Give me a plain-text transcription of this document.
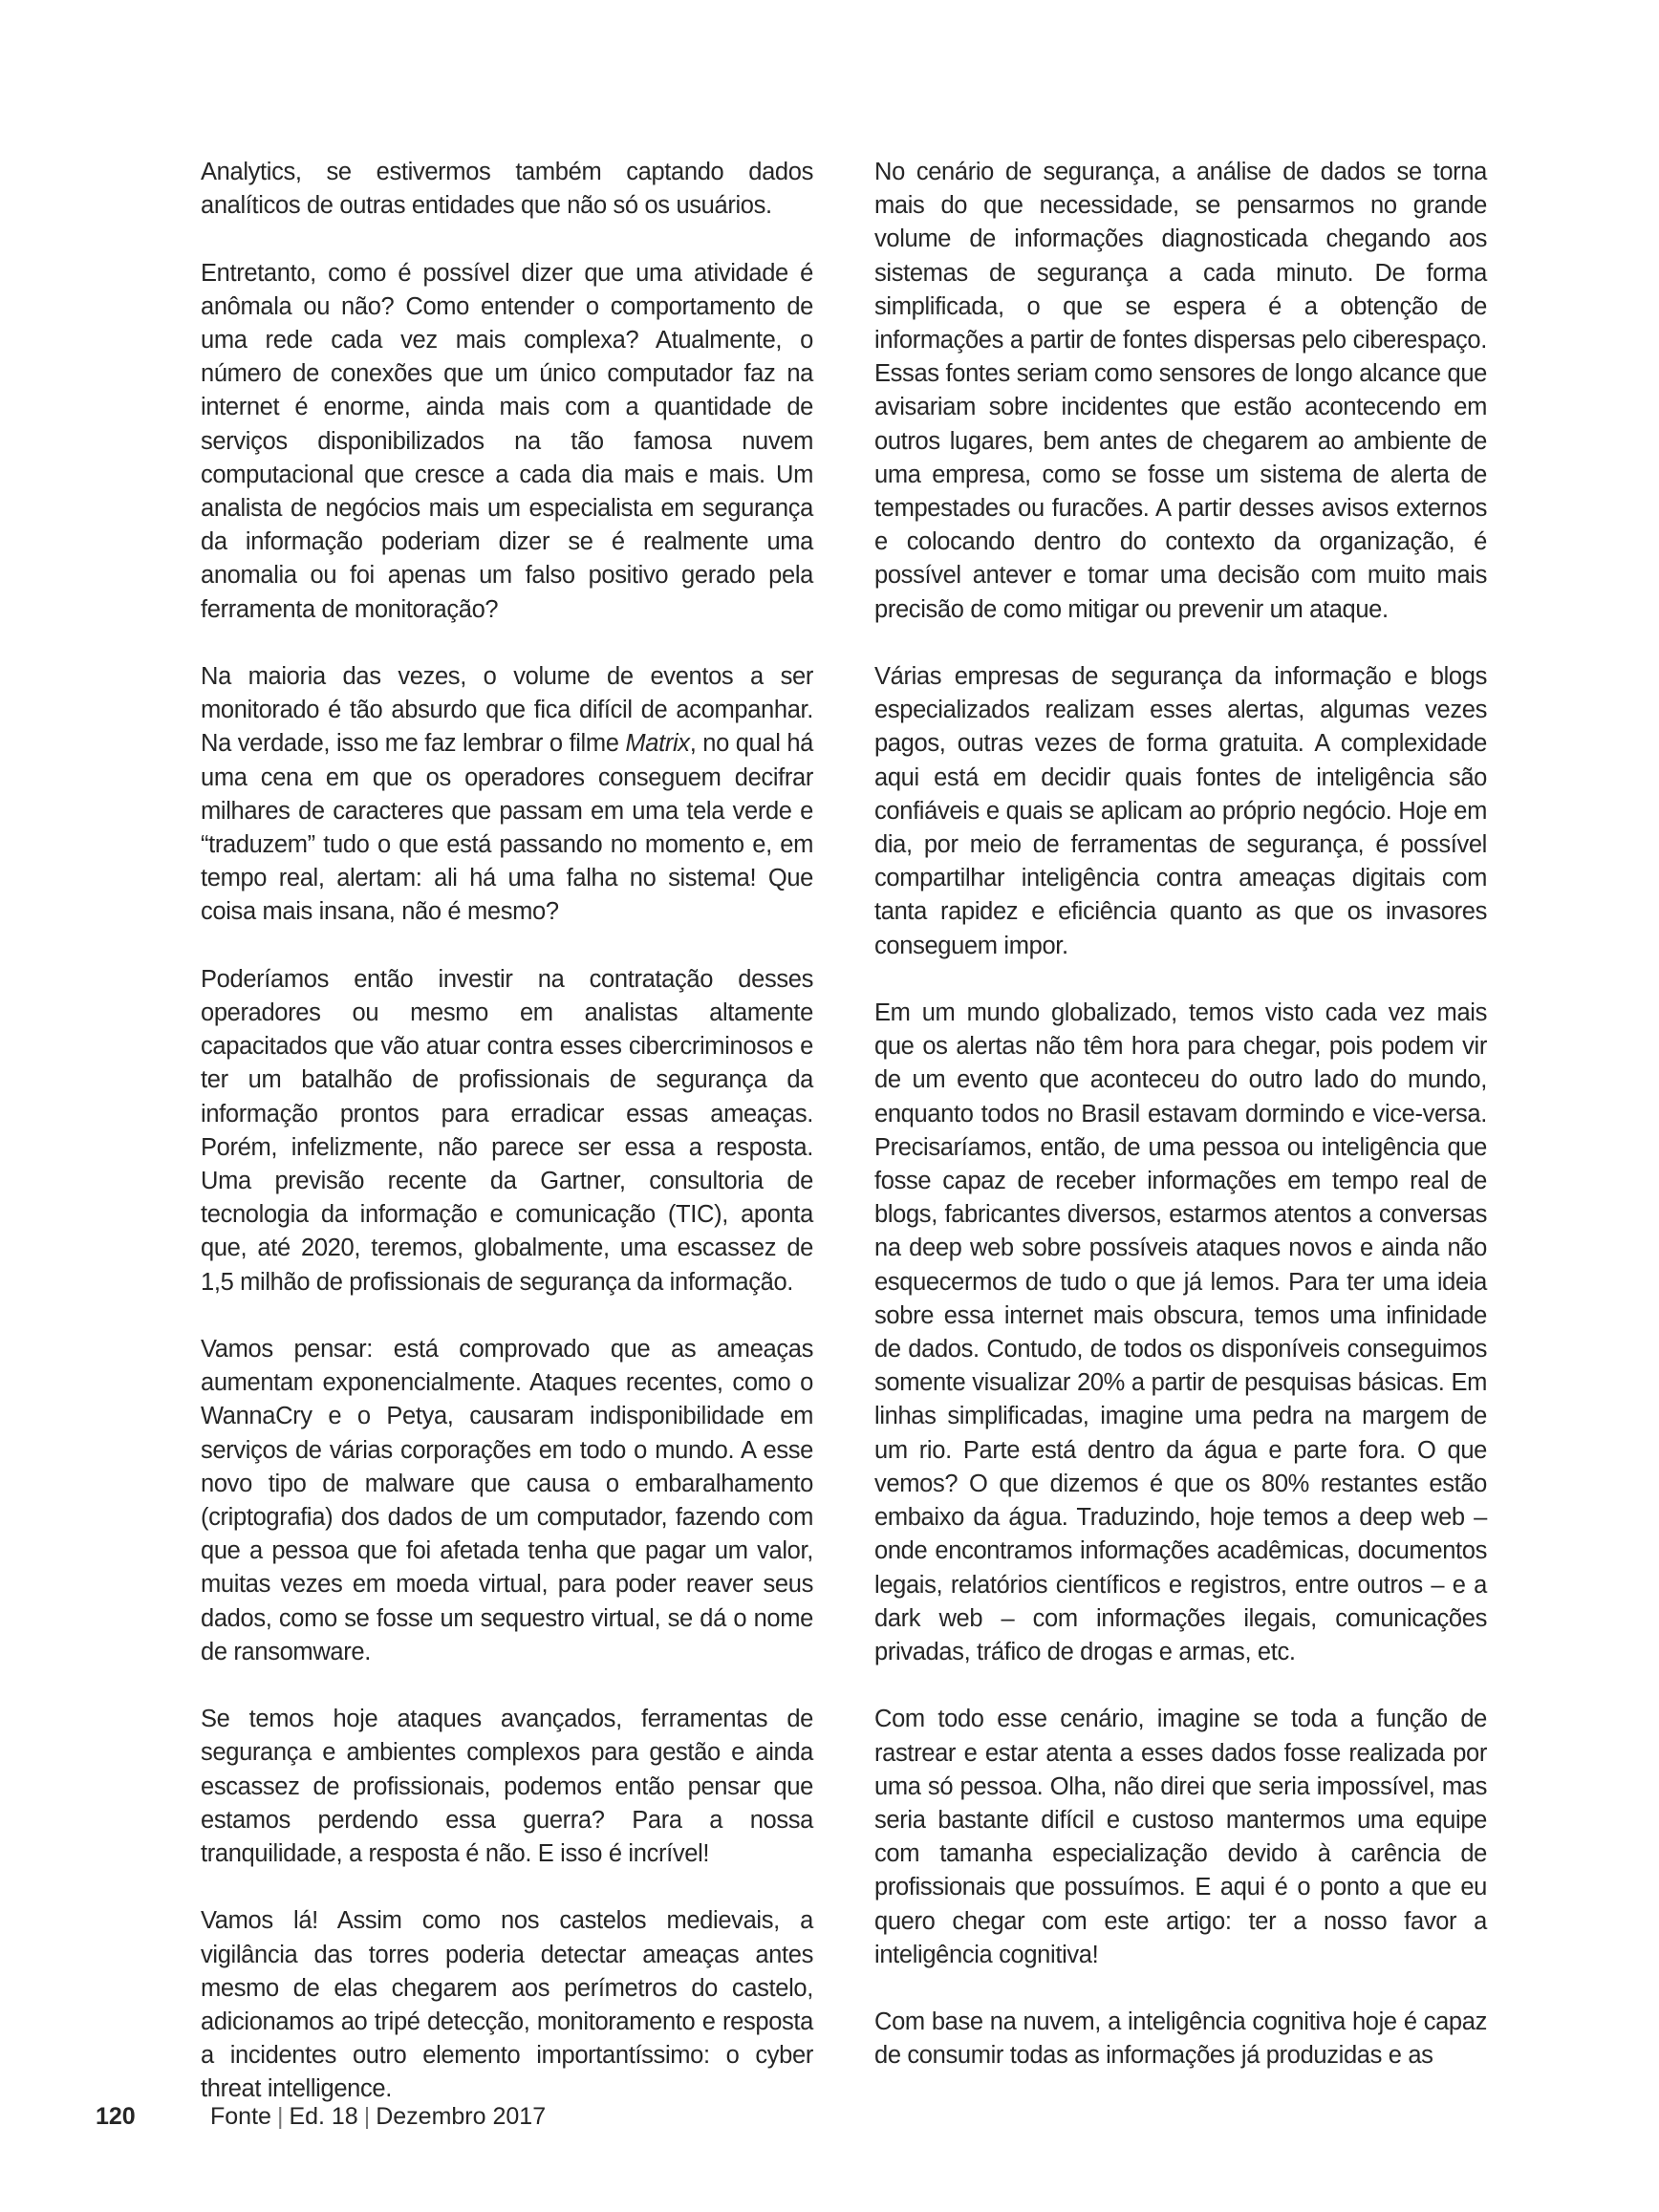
Analytics, se estivermos também captando dados analíticos de outras entidades que não só os usuários.

Entretanto, como é possível dizer que uma atividade é anômala ou não? Como entender o comportamento de uma rede cada vez mais complexa? Atualmente, o número de conexões que um único computador faz na internet é enorme, ainda mais com a quantidade de serviços disponibilizados na tão famosa nuvem computacional que cresce a cada dia mais e mais. Um analista de negócios mais um especialista em segurança da informação poderiam dizer se é realmente uma anomalia ou foi apenas um falso positivo gerado pela ferramenta de monitoração?

Na maioria das vezes, o volume de eventos a ser monitorado é tão absurdo que fica difícil de acompanhar. Na verdade, isso me faz lembrar o filme Matrix, no qual há uma cena em que os operadores conseguem decifrar milhares de caracteres que passam em uma tela verde e “traduzem” tudo o que está passando no momento e, em tempo real, alertam: ali há uma falha no sistema! Que coisa mais insana, não é mesmo?

Poderíamos então investir na contratação desses operadores ou mesmo em analistas altamente capacitados que vão atuar contra esses cibercriminosos e ter um batalhão de profissionais de segurança da informação prontos para erradicar essas ameaças. Porém, infelizmente, não parece ser essa a resposta. Uma previsão recente da Gartner, consultoria de tecnologia da informação e comunicação (TIC), aponta que, até 2020, teremos, globalmente, uma escassez de 1,5 milhão de profissionais de segurança da informação.

Vamos pensar: está comprovado que as ameaças aumentam exponencialmente. Ataques recentes, como o WannaCry e o Petya, causaram indisponibilidade em serviços de várias corporações em todo o mundo. A esse novo tipo de malware que causa o embaralhamento (criptografia) dos dados de um computador, fazendo com que a pessoa que foi afetada tenha que pagar um valor, muitas vezes em moeda virtual, para poder reaver seus dados, como se fosse um sequestro virtual, se dá o nome de ransomware.

Se temos hoje ataques avançados, ferramentas de segurança e ambientes complexos para gestão e ainda escassez de profissionais, podemos então pensar que estamos perdendo essa guerra? Para a nossa tranquilidade, a resposta é não. E isso é incrível!

Vamos lá! Assim como nos castelos medievais, a vigilância das torres poderia detectar ameaças antes mesmo de elas chegarem aos perímetros do castelo, adicionamos ao tripé detecção, monitoramento e resposta a incidentes outro elemento importantíssimo: o cyber threat intelligence.

No cenário de segurança, a análise de dados se torna mais do que necessidade, se pensarmos no grande volume de informações diagnosticada chegando aos sistemas de segurança a cada minuto. De forma simplificada, o que se espera é a obtenção de informações a partir de fontes dispersas pelo ciberespaço. Essas fontes seriam como sensores de longo alcance que avisariam sobre incidentes que estão acontecendo em outros lugares, bem antes de chegarem ao ambiente de uma empresa, como se fosse um sistema de alerta de tempestades ou furacões. A partir desses avisos externos e colocando dentro do contexto da organização, é possível antever e tomar uma decisão com muito mais precisão de como mitigar ou prevenir um ataque.

Várias empresas de segurança da informação e blogs especializados realizam esses alertas, algumas vezes pagos, outras vezes de forma gratuita. A complexidade aqui está em decidir quais fontes de inteligência são confiáveis e quais se aplicam ao próprio negócio. Hoje em dia, por meio de ferramentas de segurança, é possível compartilhar inteligência contra ameaças digitais com tanta rapidez e eficiência quanto as que os invasores conseguem impor.

Em um mundo globalizado, temos visto cada vez mais que os alertas não têm hora para chegar, pois podem vir de um evento que aconteceu do outro lado do mundo, enquanto todos no Brasil estavam dormindo e vice-versa. Precisaríamos, então, de uma pessoa ou inteligência que fosse capaz de receber informações em tempo real de blogs, fabricantes diversos, estarmos atentos a conversas na deep web sobre possíveis ataques novos e ainda não esquecermos de tudo o que já lemos. Para ter uma ideia sobre essa internet mais obscura, temos uma infinidade de dados. Contudo, de todos os disponíveis conseguimos somente visualizar 20% a partir de pesquisas básicas. Em linhas simplificadas, imagine uma pedra na margem de um rio. Parte está dentro da água e parte fora. O que vemos? O que dizemos é que os 80% restantes estão embaixo da água. Traduzindo, hoje temos a deep web – onde encontramos informações acadêmicas, documentos legais, relatórios científicos e registros, entre outros – e a dark web – com informações ilegais, comunicações privadas, tráfico de drogas e armas, etc.

Com todo esse cenário, imagine se toda a função de rastrear e estar atenta a esses dados fosse realizada por uma só pessoa. Olha, não direi que seria impossível, mas seria bastante difícil e custoso mantermos uma equipe com tamanha especialização devido à carência de profissionais que possuímos. E aqui é o ponto a que eu quero chegar com este artigo: ter a nosso favor a inteligência cognitiva!

Com base na nuvem, a inteligência cognitiva hoje é capaz de consumir todas as informações já produzidas e as

120	Fonte | Ed. 18 | Dezembro 2017
